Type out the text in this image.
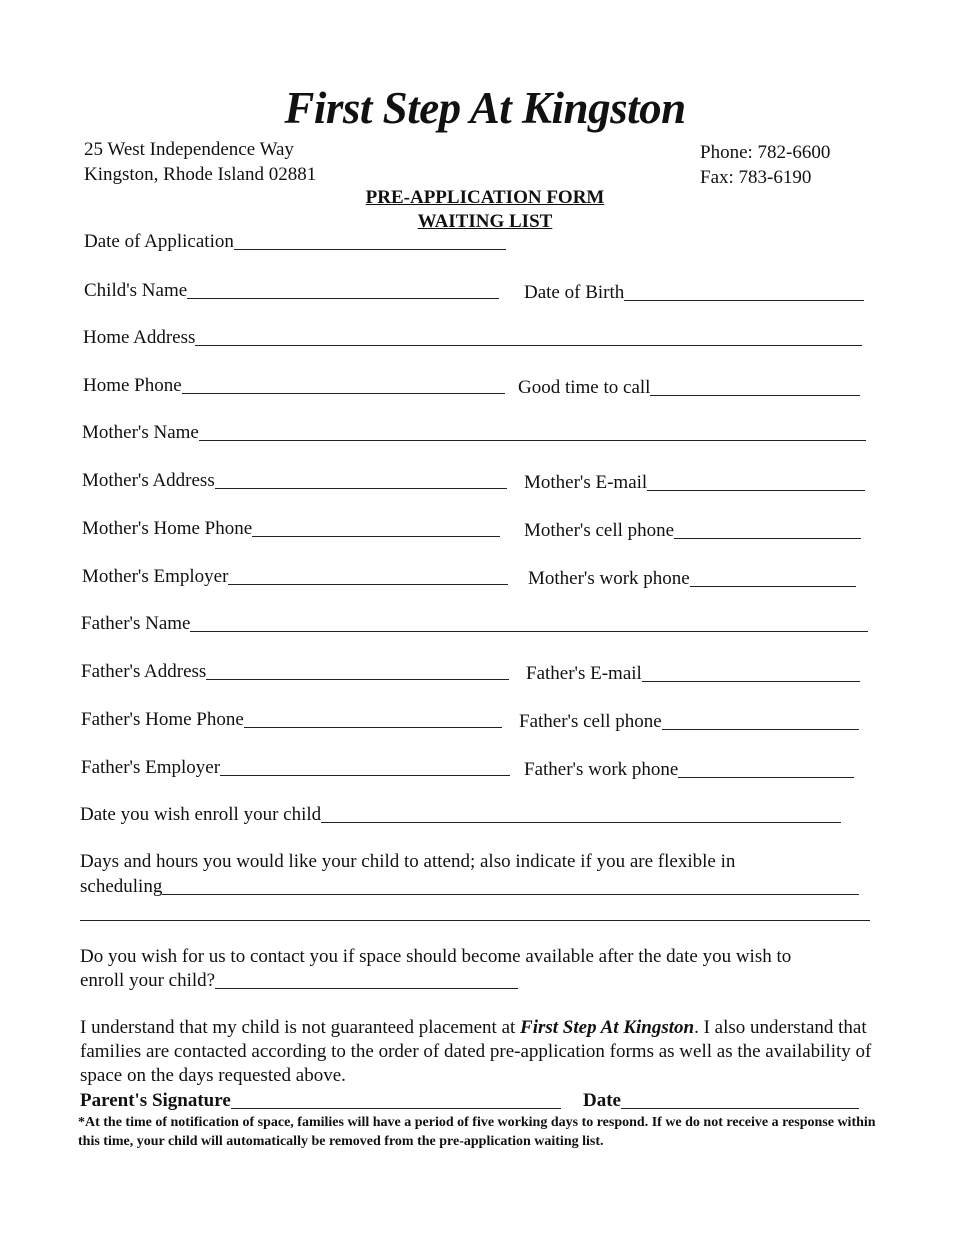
First Step At Kingston
25 West Independence Way
Kingston, Rhode Island 02881
Phone: 782-6600
Fax: 783-6190
PRE-APPLICATION FORM
WAITING LIST
Date of Application
Child's Name	Date of Birth
Home Address
Home Phone	Good time to call
Mother's Name
Mother's Address	Mother's E-mail
Mother's Home Phone	Mother's cell phone
Mother's Employer	Mother's work phone
Father's Name
Father's Address	Father's E-mail
Father's Home Phone	Father's cell phone
Father's Employer	Father's work phone
Date you wish enroll your child
Days and hours you would like your child to attend; also indicate if you are flexible in
scheduling
Do you wish for us to contact you if space should become available after the date you wish to
enroll your child?
I understand that my child is not guaranteed placement at First Step At Kingston. I also understand that families are contacted according to the order of dated pre-application forms as well as the availability of space on the days requested above.
Parent's Signature	Date
*At the time of notification of space, families will have a period of five working days to respond. If we do not receive a response within this time, your child will automatically be removed from the pre-application waiting list.
